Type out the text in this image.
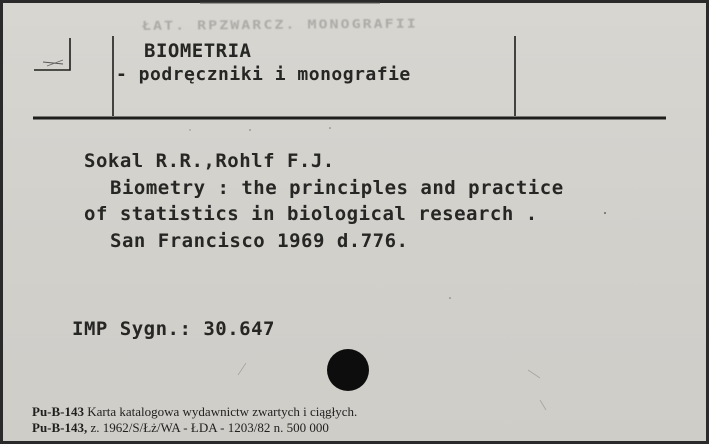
ŁAT. RPZWARCZ. MONOGRAFII
BIOMETRIA
- podręczniki i monografie
Sokal R.R.,Rohlf F.J.
Biometry : the principles and practice
of statistics in biological research .
San Francisco 1969 d.776.
IMP Sygn.: 30.647
Pu-B-143 Karta katalogowa wydawnictw zwartych i ciągłych.
Pu-B-143, z. 1962/S/Łż/WA - ŁDA - 1203/82 n. 500 000
